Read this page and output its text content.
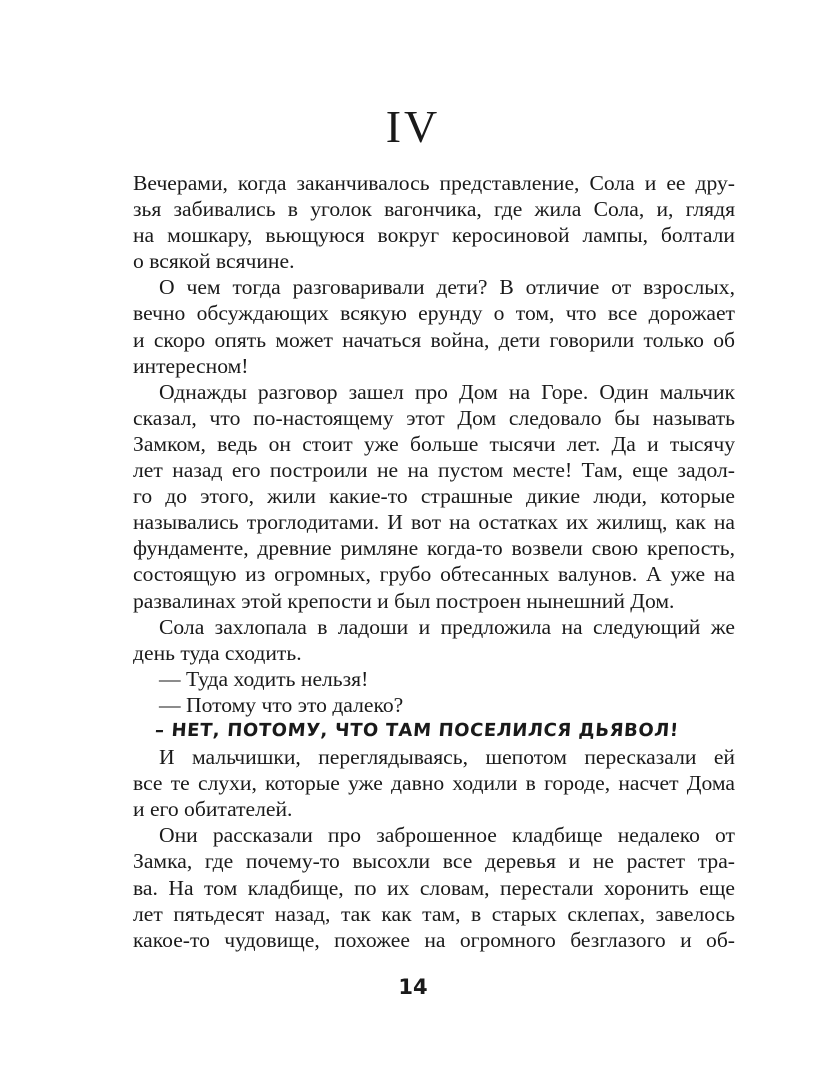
IV
Вечерами, когда заканчивалось представление, Сола и ее дру-
зья забивались в уголок вагончика, где жила Сола, и, глядя
на мошкару, вьющуюся вокруг керосиновой лампы, болтали
о всякой всячине.
О чем тогда разговаривали дети? В отличие от взрослых,
вечно обсуждающих всякую ерунду о том, что все дорожает
и скоро опять может начаться война, дети говорили только об
интересном!
Однажды разговор зашел про Дом на Горе. Один мальчик
сказал, что по-настоящему этот Дом следовало бы называть
Замком, ведь он стоит уже больше тысячи лет. Да и тысячу
лет назад его построили не на пустом месте! Там, еще задол-
го до этого, жили какие-то страшные дикие люди, которые
назывались троглодитами. И вот на остатках их жилищ, как на
фундаменте, древние римляне когда-то возвели свою крепость,
состоящую из огромных, грубо обтесанных валунов. А уже на
развалинах этой крепости и был построен нынешний Дом.
Сола захлопала в ладоши и предложила на следующий же
день туда сходить.
— Туда ходить нельзя!
— Потому что это далеко?
– НЕТ, ПОТОМУ, ЧТО ТАМ ПОСЕЛИЛСЯ ДЬЯВОЛ!
И мальчишки, переглядываясь, шепотом пересказали ей
все те слухи, которые уже давно ходили в городе, насчет Дома
и его обитателей.
Они рассказали про заброшенное кладбище недалеко от
Замка, где почему-то высохли все деревья и не растет тра-
ва. На том кладбище, по их словам, перестали хоронить еще
лет пятьдесят назад, так как там, в старых склепах, завелось
какое-то чудовище, похожее на огромного безглазого и об-
14
